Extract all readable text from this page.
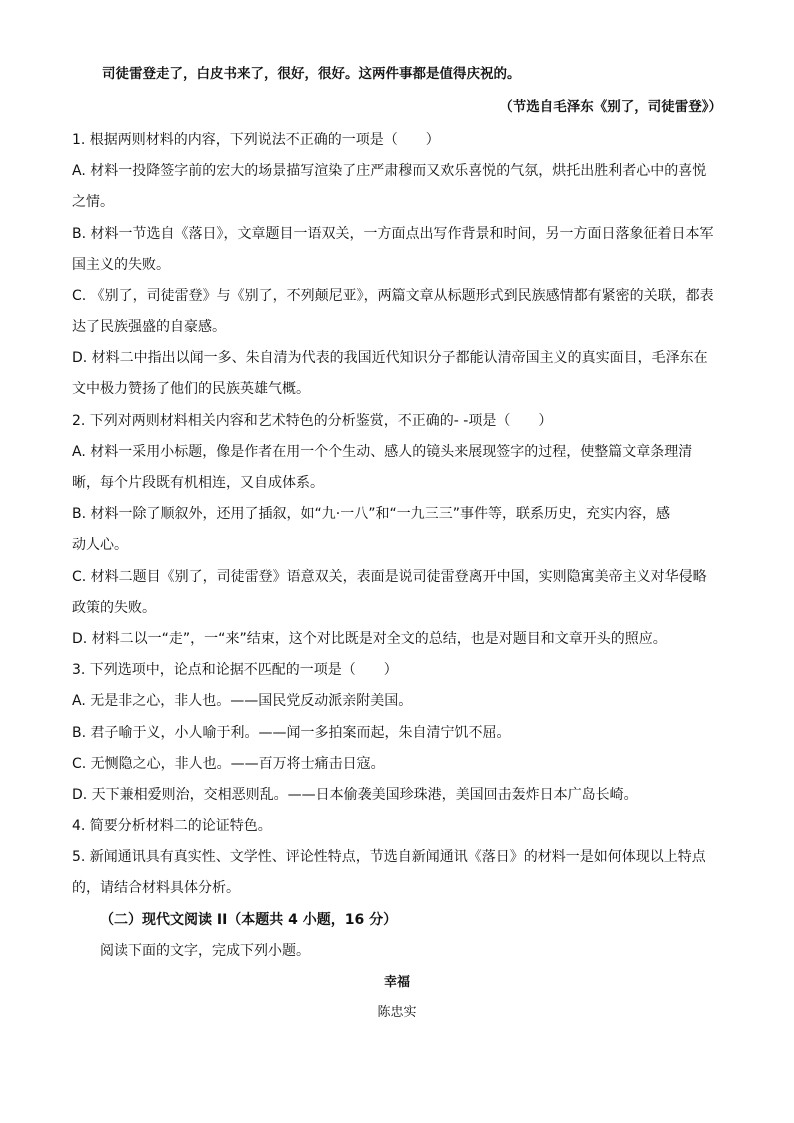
司徒雷登走了，白皮书来了，很好，很好。这两件事都是值得庆祝的。
（节选自毛泽东《别了，司徒雷登》）
1. 根据两则材料的内容，下列说法不正确的一项是（　　）
A. 材料一投降签字前的宏大的场景描写渲染了庄严肃穆而又欢乐喜悦的气氛，烘托出胜利者心中的喜悦
之情。
B. 材料一节选自《落日》，文章题目一语双关，一方面点出写作背景和时间，另一方面日落象征着日本军
国主义的失败。
C. 《别了，司徒雷登》与《别了，不列颠尼亚》，两篇文章从标题形式到民族感情都有紧密的关联，都表
达了民族强盛的自豪感。
D. 材料二中指出以闻一多、朱自清为代表的我国近代知识分子都能认清帝国主义的真实面目，毛泽东在
文中极力赞扬了他们的民族英雄气概。
2. 下列对两则材料相关内容和艺术特色的分析鉴赏，不正确的- -项是（　　）
A. 材料一采用小标题，像是作者在用一个个生动、感人的镜头来展现签字的过程，使整篇文章条理清
晰，每个片段既有机相连，又自成体系。
B. 材料一除了顺叙外，还用了插叙，如“九·一八”和“一九三三”事件等，联系历史，充实内容，感
动人心。
C. 材料二题目《别了，司徒雷登》语意双关，表面是说司徒雷登离开中国，实则隐寓美帝主义对华侵略
政策的失败。
D. 材料二以一“走”，一“来”结束，这个对比既是对全文的总结，也是对题目和文章开头的照应。
3. 下列选项中，论点和论据不匹配的一项是（　　）
A. 无是非之心，非人也。——国民党反动派亲附美国。
B. 君子喻于义，小人喻于利。——闻一多拍案而起，朱自清宁饥不屈。
C. 无恻隐之心，非人也。——百万将士痛击日寇。
D. 天下兼相爱则治，交相恶则乱。——日本偷袭美国珍珠港，美国回击轰炸日本广岛长崎。
4. 简要分析材料二的论证特色。
5. 新闻通讯具有真实性、文学性、评论性特点，节选自新闻通讯《落日》的材料一是如何体现以上特点
的，请结合材料具体分析。
（二）现代文阅读 II（本题共 4 小题，16 分）
阅读下面的文字，完成下列小题。
幸福
陈忠实
